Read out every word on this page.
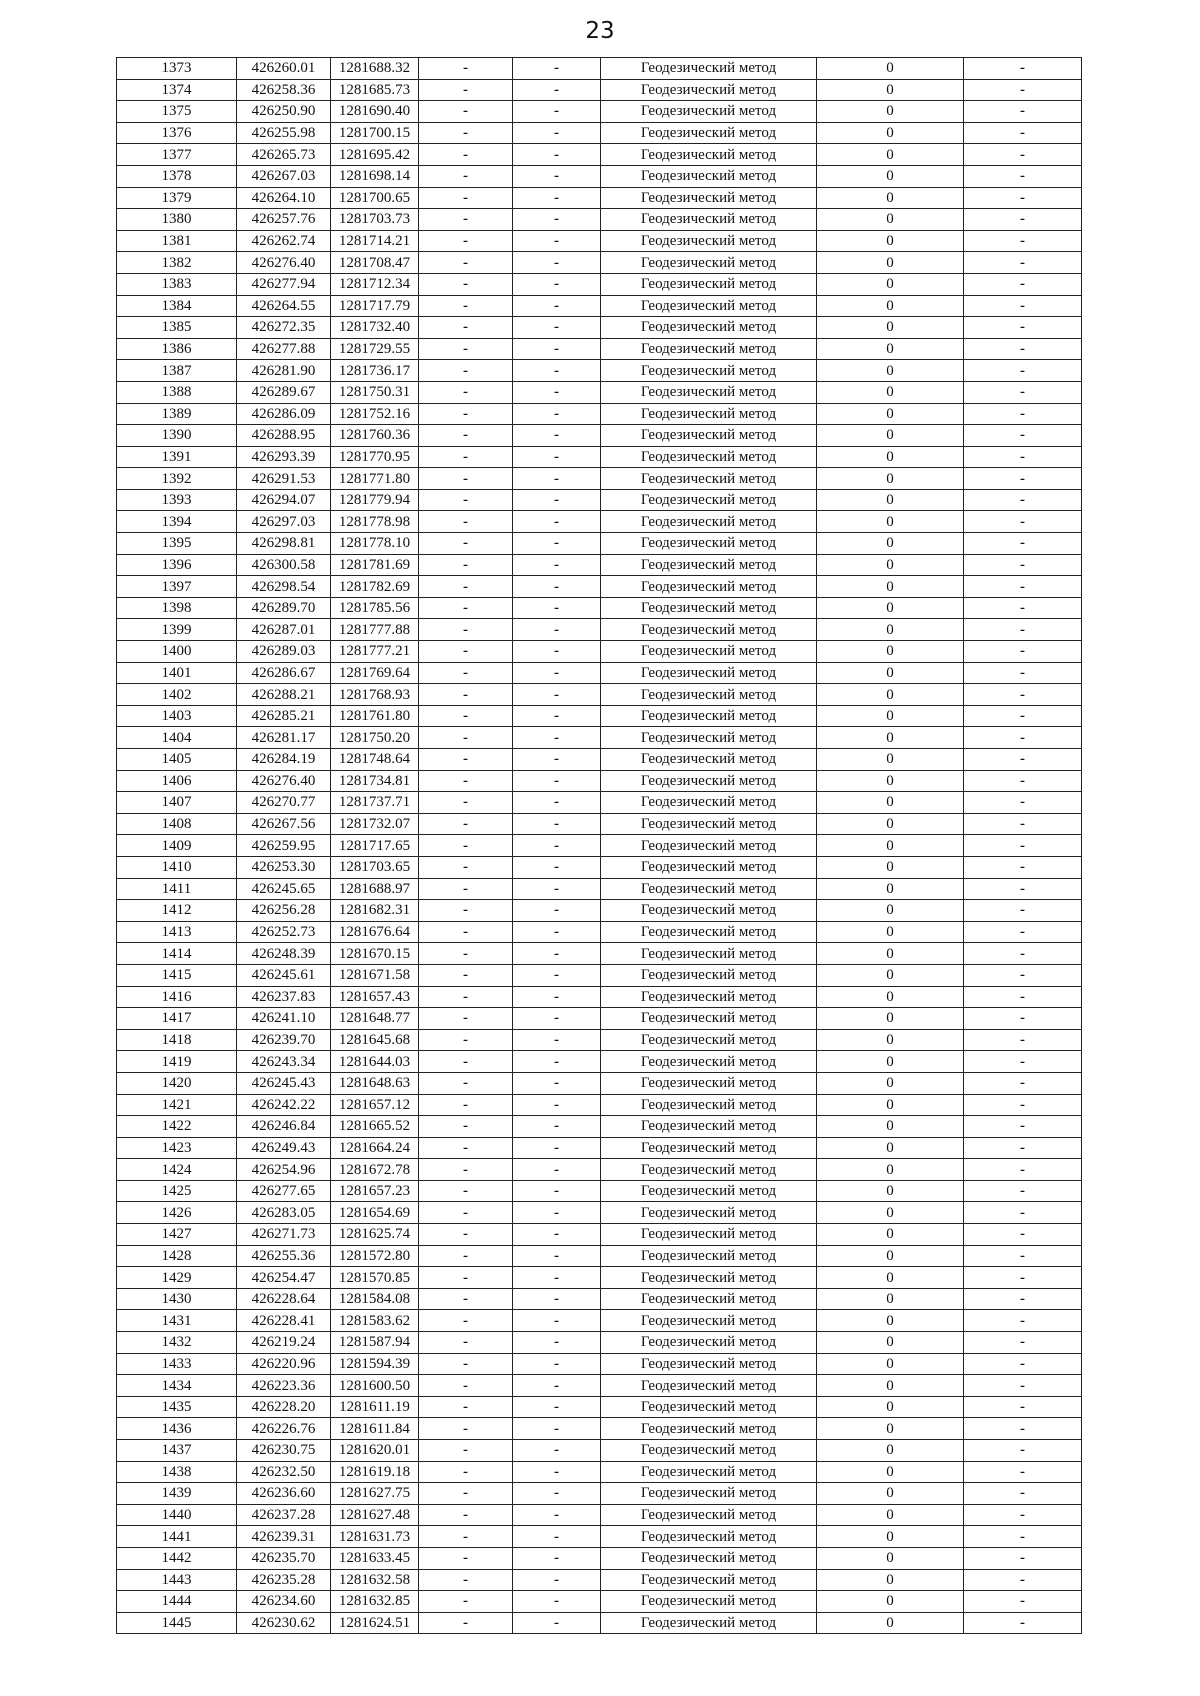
23
1373	426260.01	1281688.32	-	-	Геодезический метод	0	-
1374	426258.36	1281685.73	-	-	Геодезический метод	0	-
1375	426250.90	1281690.40	-	-	Геодезический метод	0	-
1376	426255.98	1281700.15	-	-	Геодезический метод	0	-
1377	426265.73	1281695.42	-	-	Геодезический метод	0	-
1378	426267.03	1281698.14	-	-	Геодезический метод	0	-
1379	426264.10	1281700.65	-	-	Геодезический метод	0	-
1380	426257.76	1281703.73	-	-	Геодезический метод	0	-
1381	426262.74	1281714.21	-	-	Геодезический метод	0	-
1382	426276.40	1281708.47	-	-	Геодезический метод	0	-
1383	426277.94	1281712.34	-	-	Геодезический метод	0	-
1384	426264.55	1281717.79	-	-	Геодезический метод	0	-
1385	426272.35	1281732.40	-	-	Геодезический метод	0	-
1386	426277.88	1281729.55	-	-	Геодезический метод	0	-
1387	426281.90	1281736.17	-	-	Геодезический метод	0	-
1388	426289.67	1281750.31	-	-	Геодезический метод	0	-
1389	426286.09	1281752.16	-	-	Геодезический метод	0	-
1390	426288.95	1281760.36	-	-	Геодезический метод	0	-
1391	426293.39	1281770.95	-	-	Геодезический метод	0	-
1392	426291.53	1281771.80	-	-	Геодезический метод	0	-
1393	426294.07	1281779.94	-	-	Геодезический метод	0	-
1394	426297.03	1281778.98	-	-	Геодезический метод	0	-
1395	426298.81	1281778.10	-	-	Геодезический метод	0	-
1396	426300.58	1281781.69	-	-	Геодезический метод	0	-
1397	426298.54	1281782.69	-	-	Геодезический метод	0	-
1398	426289.70	1281785.56	-	-	Геодезический метод	0	-
1399	426287.01	1281777.88	-	-	Геодезический метод	0	-
1400	426289.03	1281777.21	-	-	Геодезический метод	0	-
1401	426286.67	1281769.64	-	-	Геодезический метод	0	-
1402	426288.21	1281768.93	-	-	Геодезический метод	0	-
1403	426285.21	1281761.80	-	-	Геодезический метод	0	-
1404	426281.17	1281750.20	-	-	Геодезический метод	0	-
1405	426284.19	1281748.64	-	-	Геодезический метод	0	-
1406	426276.40	1281734.81	-	-	Геодезический метод	0	-
1407	426270.77	1281737.71	-	-	Геодезический метод	0	-
1408	426267.56	1281732.07	-	-	Геодезический метод	0	-
1409	426259.95	1281717.65	-	-	Геодезический метод	0	-
1410	426253.30	1281703.65	-	-	Геодезический метод	0	-
1411	426245.65	1281688.97	-	-	Геодезический метод	0	-
1412	426256.28	1281682.31	-	-	Геодезический метод	0	-
1413	426252.73	1281676.64	-	-	Геодезический метод	0	-
1414	426248.39	1281670.15	-	-	Геодезический метод	0	-
1415	426245.61	1281671.58	-	-	Геодезический метод	0	-
1416	426237.83	1281657.43	-	-	Геодезический метод	0	-
1417	426241.10	1281648.77	-	-	Геодезический метод	0	-
1418	426239.70	1281645.68	-	-	Геодезический метод	0	-
1419	426243.34	1281644.03	-	-	Геодезический метод	0	-
1420	426245.43	1281648.63	-	-	Геодезический метод	0	-
1421	426242.22	1281657.12	-	-	Геодезический метод	0	-
1422	426246.84	1281665.52	-	-	Геодезический метод	0	-
1423	426249.43	1281664.24	-	-	Геодезический метод	0	-
1424	426254.96	1281672.78	-	-	Геодезический метод	0	-
1425	426277.65	1281657.23	-	-	Геодезический метод	0	-
1426	426283.05	1281654.69	-	-	Геодезический метод	0	-
1427	426271.73	1281625.74	-	-	Геодезический метод	0	-
1428	426255.36	1281572.80	-	-	Геодезический метод	0	-
1429	426254.47	1281570.85	-	-	Геодезический метод	0	-
1430	426228.64	1281584.08	-	-	Геодезический метод	0	-
1431	426228.41	1281583.62	-	-	Геодезический метод	0	-
1432	426219.24	1281587.94	-	-	Геодезический метод	0	-
1433	426220.96	1281594.39	-	-	Геодезический метод	0	-
1434	426223.36	1281600.50	-	-	Геодезический метод	0	-
1435	426228.20	1281611.19	-	-	Геодезический метод	0	-
1436	426226.76	1281611.84	-	-	Геодезический метод	0	-
1437	426230.75	1281620.01	-	-	Геодезический метод	0	-
1438	426232.50	1281619.18	-	-	Геодезический метод	0	-
1439	426236.60	1281627.75	-	-	Геодезический метод	0	-
1440	426237.28	1281627.48	-	-	Геодезический метод	0	-
1441	426239.31	1281631.73	-	-	Геодезический метод	0	-
1442	426235.70	1281633.45	-	-	Геодезический метод	0	-
1443	426235.28	1281632.58	-	-	Геодезический метод	0	-
1444	426234.60	1281632.85	-	-	Геодезический метод	0	-
1445	426230.62	1281624.51	-	-	Геодезический метод	0	-
